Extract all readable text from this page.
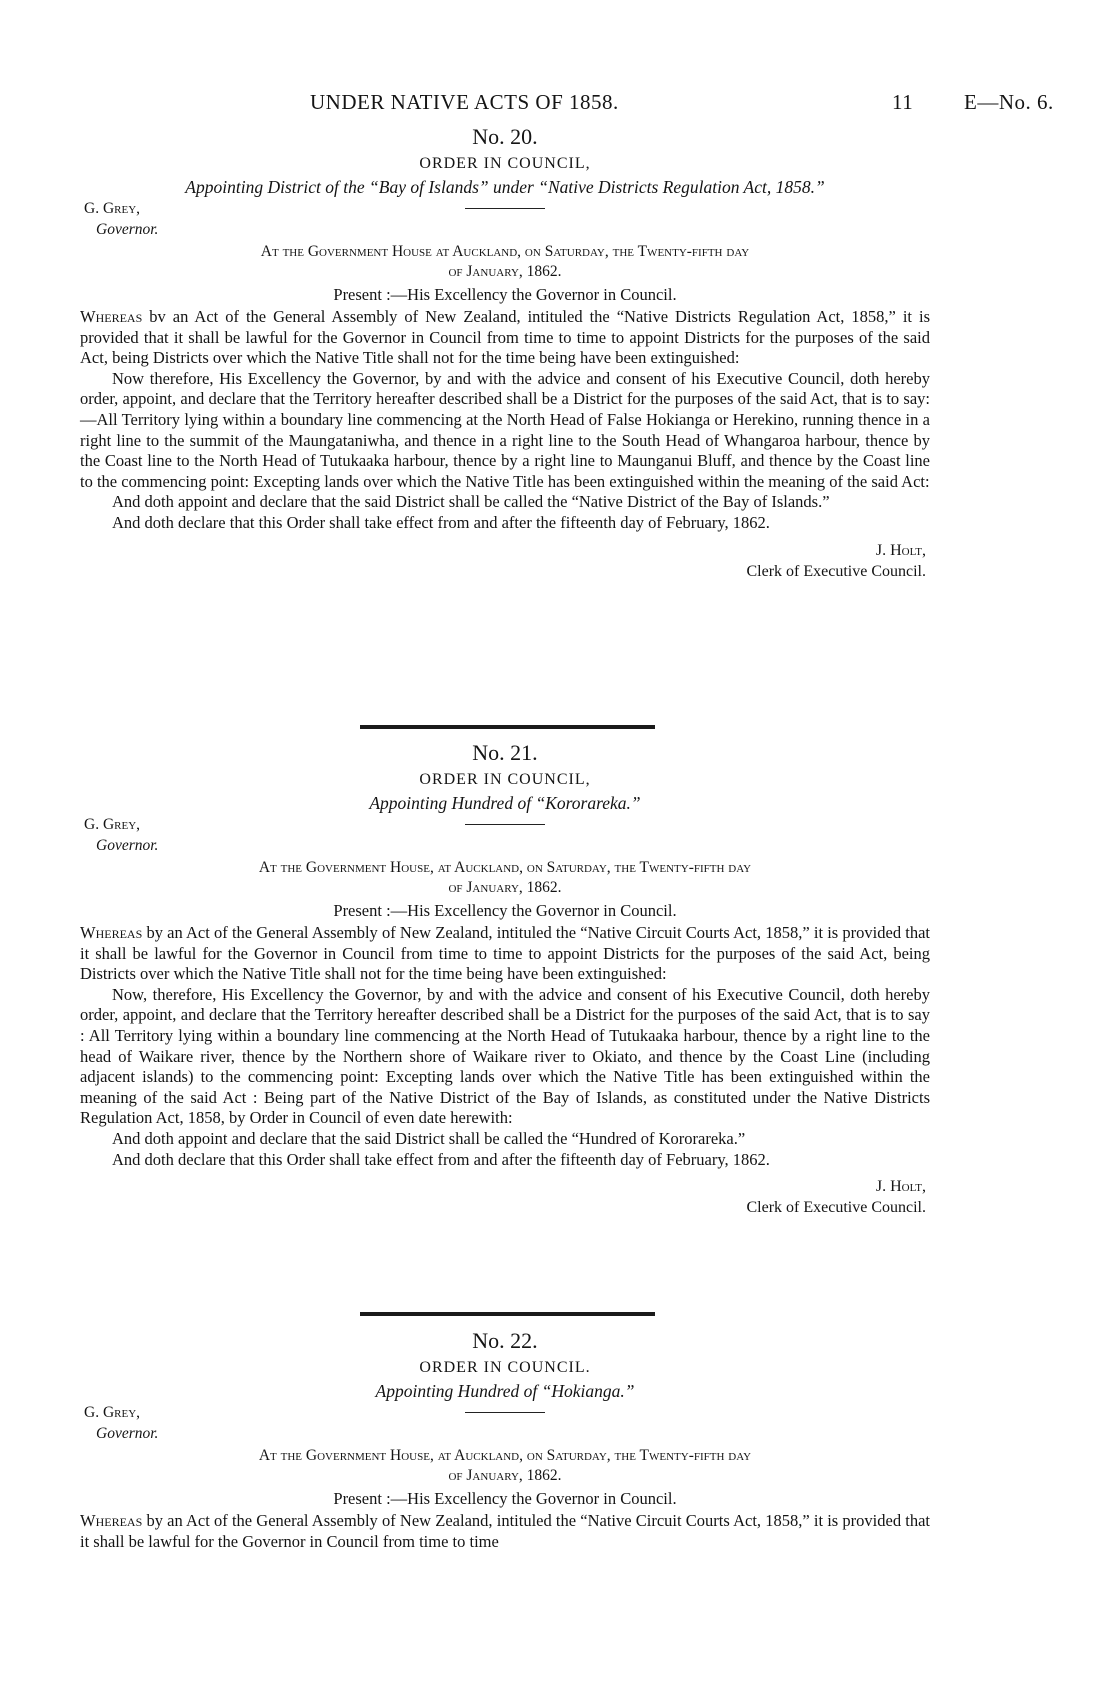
UNDER NATIVE ACTS OF 1858.	11 E—No. 6.

No. 20.

ORDER IN COUNCIL,

Appointing District of the “Bay of Islands” under “Native Districts Regulation Act, 1858.”

G. Grey,
Governor.

At the Government House at Auckland, on Saturday, the Twenty-fifth day

of January, 1862.

Present :—His Excellency the Governor in Council.

Whereas bv an Act of the General Assembly of New Zealand, intituled the “Native Districts Regulation Act, 1858,” it is provided that it shall be lawful for the Governor in Council from time to time to appoint Districts for the purposes of the said Act, being Districts over which the Native Title shall not for the time being have been extinguished:

Now therefore, His Excellency the Governor, by and with the advice and consent of his Executive Council, doth hereby order, appoint, and declare that the Territory hereafter described shall be a District for the purposes of the said Act, that is to say:—All Territory lying within a boundary line commencing at the North Head of False Hokianga or Herekino, running thence in a right line to the summit of the Maungataniwha, and thence in a right line to the South Head of Whangaroa harbour, thence by the Coast line to the North Head of Tutukaaka harbour, thence by a right line to Maunganui Bluff, and thence by the Coast line to the commencing point: Excepting lands over which the Native Title has been extinguished within the meaning of the said Act:

And doth appoint and declare that the said District shall be called the “Native District of the Bay of Islands.”

And doth declare that this Order shall take effect from and after the fifteenth day of February, 1862.

J. Holt,
Clerk of Executive Council.

No. 21.

ORDER IN COUNCIL,

Appointing Hundred of “Kororareka.”

G. Grey,
Governor.

At the Government House, at Auckland, on Saturday, the Twenty-fifth day

of January, 1862.

Present :—His Excellency the Governor in Council.

Whereas by an Act of the General Assembly of New Zealand, intituled the “Native Circuit Courts Act, 1858,” it is provided that it shall be lawful for the Governor in Council from time to time to appoint Districts for the purposes of the said Act, being Districts over which the Native Title shall not for the time being have been extinguished:

Now, therefore, His Excellency the Governor, by and with the advice and consent of his Executive Council, doth hereby order, appoint, and declare that the Territory hereafter described shall be a District for the purposes of the said Act, that is to say : All Territory lying within a boundary line commencing at the North Head of Tutukaaka harbour, thence by a right line to the head of Waikare river, thence by the Northern shore of Waikare river to Okiato, and thence by the Coast Line (including adjacent islands) to the commencing point: Excepting lands over which the Native Title has been extinguished within the meaning of the said Act : Being part of the Native District of the Bay of Islands, as constituted under the Native Districts Regulation Act, 1858, by Order in Council of even date herewith:

And doth appoint and declare that the said District shall be called the “Hundred of Kororareka.”

And doth declare that this Order shall take effect from and after the fifteenth day of February, 1862.

J. Holt,
Clerk of Executive Council.

No. 22.

ORDER IN COUNCIL.

Appointing Hundred of “Hokianga.”

G. Grey,
Governor.

At the Government House, at Auckland, on Saturday, the Twenty-fifth day

of January, 1862.

Present :—His Excellency the Governor in Council.

Whereas by an Act of the General Assembly of New Zealand, intituled the “Native Circuit Courts Act, 1858,” it is provided that it shall be lawful for the Governor in Council from time to time
